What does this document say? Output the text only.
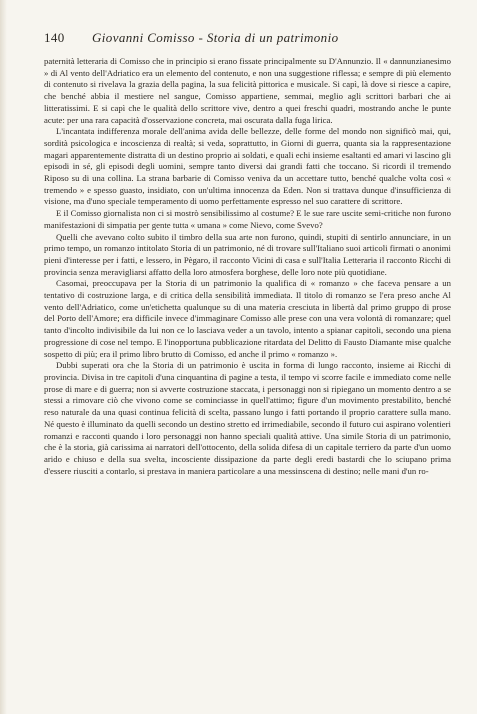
140	Giovanni Comisso - Storia di un patrimonio

paternità letteraria di Comisso che in principio si erano fissate principalmente su D'Annunzio. Il « dannunzianesimo » di Al vento dell'Adriatico era un elemento del contenuto, e non una suggestione riflessa; e sempre di più elemento di contenuto si rivelava la grazia della pagina, la sua felicità pittorica e musicale. Si capì, là dove si riesce a capire, che benché abbia il mestiere nel sangue, Comisso appartiene, semmai, meglio agli scrittori barbari che ai litteratissimi. E si capì che le qualità dello scrittore vive, dentro a quei freschi quadri, mostrando anche le punte acute: per una rara capacità d'osservazione concreta, mai oscurata dalla fuga lirica.

L'incantata indifferenza morale dell'anima avida delle bellezze, delle forme del mondo non significò mai, qui, sordità psicologica e incoscienza di realtà; si veda, soprattutto, in Giorni di guerra, quanta sia la rappresentazione magari apparentemente distratta di un destino proprio ai soldati, e quali echi insieme esaltanti ed amari vi lascino gli episodi in sé, gli episodi degli uomini, sempre tanto diversi dai grandi fatti che toccano. Si ricordi il tremendo Riposo su di una collina. La strana barbarie di Comisso veniva da un accettare tutto, benché qualche volta così « tremendo » e spesso guasto, insidiato, con un'ultima innocenza da Eden. Non si trattava dunque d'insufficienza di visione, ma d'uno speciale temperamento di uomo perfettamente espresso nel suo carattere di scrittore.

E il Comisso giornalista non ci si mostrò sensibilissimo al costume? E le sue rare uscite semi-critiche non furono manifestazioni di simpatia per gente tutta « umana » come Nievo, come Svevo?

Quelli che avevano colto subito il timbro della sua arte non furono, quindi, stupiti di sentirlo annunciare, in un primo tempo, un romanzo intitolato Storia di un patrimonio, né di trovare sull'Italiano suoi articoli firmati o anonimi pieni d'interesse per i fatti, e lessero, in Pègaro, il racconto Vicini di casa e sull'Italia Letteraria il racconto Ricchi di provincia senza meravigliarsi affatto della loro atmosfera borghese, delle loro note più quotidiane.

Casomai, preoccupava per la Storia di un patrimonio la qualifica di « romanzo » che faceva pensare a un tentativo di costruzione larga, e di critica della sensibilità immediata. Il titolo di romanzo se l'era preso anche Al vento dell'Adriatico, come un'etichetta qualunque su di una materia cresciuta in libertà dal primo gruppo di prose del Porto dell'Amore; era difficile invece d'immaginare Comisso alle prese con una vera volontà di romanzare; quel tanto d'incolto indivisibile da lui non ce lo lasciava veder a un tavolo, intento a spianar capitoli, secondo una piena progressione di cose nel tempo. E l'inopportuna pubblicazione ritardata del Delitto di Fausto Diamante mise qualche sospetto di più; era il primo libro brutto di Comisso, ed anche il primo « romanzo ».

Dubbi superati ora che la Storia di un patrimonio è uscita in forma di lungo racconto, insieme ai Ricchi di provincia. Divisa in tre capitoli d'una cinquantina di pagine a testa, il tempo vi scorre facile e immediato come nelle prose di mare e di guerra; non si avverte costruzione staccata, i personaggi non si ripiegano un momento dentro a se stessi a rimovare ciò che vivono come se cominciasse in quell'attimo; figure d'un movimento prestabilito, benché reso naturale da una quasi continua felicità di scelta, passano lungo i fatti portando il proprio carattere sulla mano. Né questo è illuminato da quelli secondo un destino stretto ed irrimediabile, secondo il futuro cui aspirano volentieri romanzi e racconti quando i loro personaggi non hanno speciali qualità attive. Una simile Storia di un patrimonio, che è la storia, già carissima ai narratori dell'ottocento, della solida difesa di un capitale terriero da parte d'un uomo arido e chiuso e della sua svelta, incosciente dissipazione da parte degli eredi bastardi che lo sciupano prima d'essere riusciti a contarlo, si prestava in maniera particolare a una messinscena di destino; nelle mani d'un ro-
